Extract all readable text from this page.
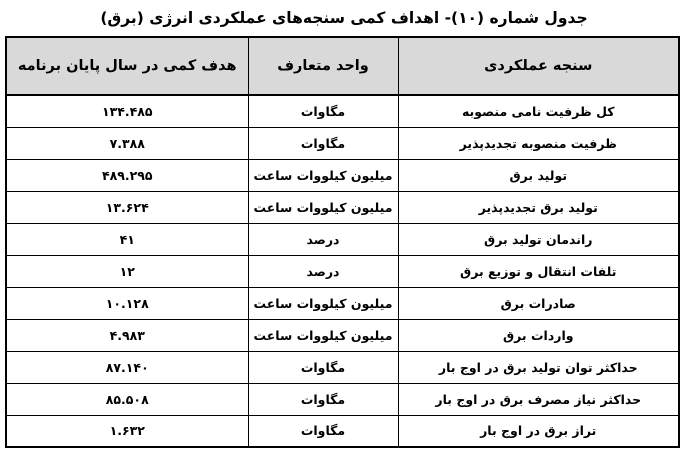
جدول شماره (۱۰)- اهداف کمی سنجه‌های عملکردی انرژی (برق)
سنجه عملکردی	واحد متعارف	هدف کمی در سال پایان برنامه
کل ظرفیت نامی منصوبه	مگاوات	۱۳۴.۴۸۵
ظرفیت منصوبه تجدیدپذیر	مگاوات	۷.۳۸۸
تولید برق	میلیون کیلووات ساعت	۴۸۹.۲۹۵
تولید برق تجدیدپذیر	میلیون کیلووات ساعت	۱۳.۶۲۴
راندمان تولید برق	درصد	۴۱
تلفات انتقال و توزیع برق	درصد	۱۲
صادرات برق	میلیون کیلووات ساعت	۱۰.۱۲۸
واردات برق	میلیون کیلووات ساعت	۴.۹۸۳
حداکثر توان تولید برق در اوج بار	مگاوات	۸۷.۱۴۰
حداکثر نیاز مصرف برق در اوج بار	مگاوات	۸۵.۵۰۸
تراز برق در اوج بار	مگاوات	۱.۶۳۲
